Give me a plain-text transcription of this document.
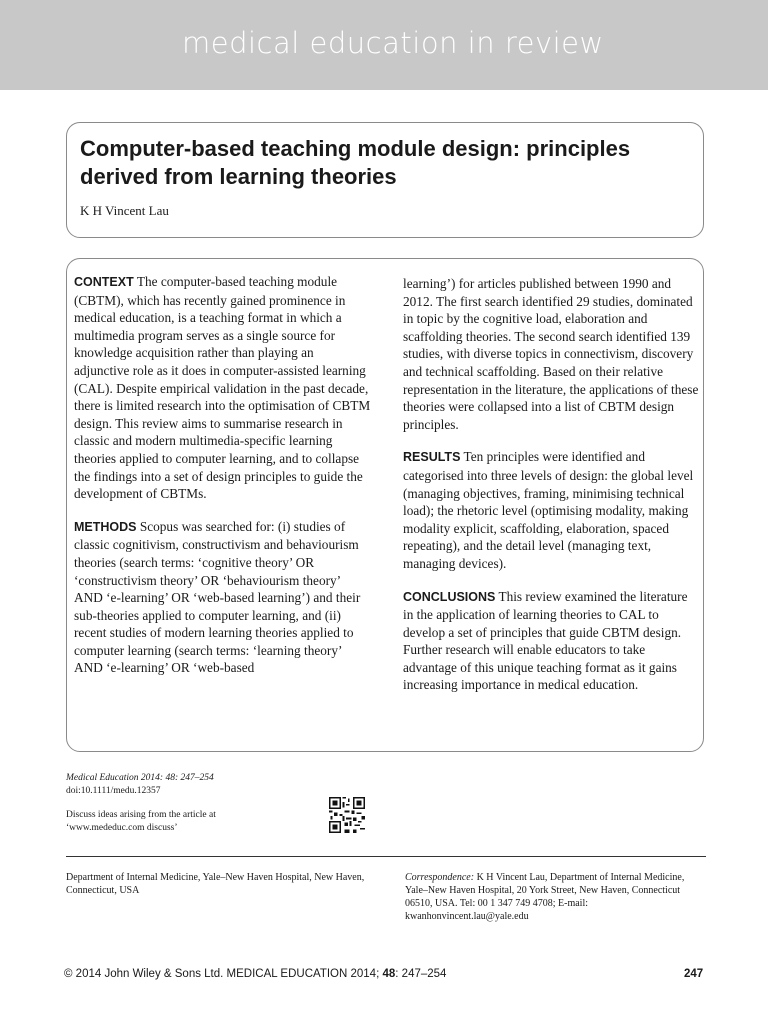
medical education in review
Computer-based teaching module design: principles derived from learning theories
K H Vincent Lau

CONTEXT The computer-based teaching module (CBTM), which has recently gained prominence in medical education, is a teaching format in which a multimedia program serves as a single source for knowledge acquisition rather than playing an adjunctive role as it does in computer-assisted learning (CAL). Despite empirical validation in the past decade, there is limited research into the optimisation of CBTM design. This review aims to summarise research in classic and modern multimedia-specific learning theories applied to computer learning, and to collapse the findings into a set of design principles to guide the development of CBTMs.

METHODS Scopus was searched for: (i) studies of classic cognitivism, constructivism and behaviourism theories (search terms: ‘cognitive theory’ OR ‘constructivism theory’ OR ‘behaviourism theory’ AND ‘e-learning’ OR ‘web-based learning’) and their sub-theories applied to computer learning, and (ii) recent studies of modern learning theories applied to computer learning (search terms: ‘learning theory’ AND ‘e-learning’ OR ‘web-based

learning’) for articles published between 1990 and 2012. The first search identified 29 studies, dominated in topic by the cognitive load, elaboration and scaffolding theories. The second search identified 139 studies, with diverse topics in connectivism, discovery and technical scaffolding. Based on their relative representation in the literature, the applications of these theories were collapsed into a list of CBTM design principles.

RESULTS Ten principles were identified and categorised into three levels of design: the global level (managing objectives, framing, minimising technical load); the rhetoric level (optimising modality, making modality explicit, scaffolding, elaboration, spaced repeating), and the detail level (managing text, managing devices).

CONCLUSIONS This review examined the literature in the application of learning theories to CAL to develop a set of principles that guide CBTM design. Further research will enable educators to take advantage of this unique teaching format as it gains increasing importance in medical education.

Medical Education 2014: 48: 247–254
doi:10.1111/medu.12357
Discuss ideas arising from the article at ‘www.mededuc.com discuss’
Department of Internal Medicine, Yale–New Haven Hospital, New Haven, Connecticut, USA
Correspondence: K H Vincent Lau, Department of Internal Medicine, Yale–New Haven Hospital, 20 York Street, New Haven, Connecticut 06510, USA. Tel: 00 1 347 749 4708; E-mail: kwanhonvincent.lau@yale.edu
© 2014 John Wiley & Sons Ltd. MEDICAL EDUCATION 2014; 48: 247–254	247
